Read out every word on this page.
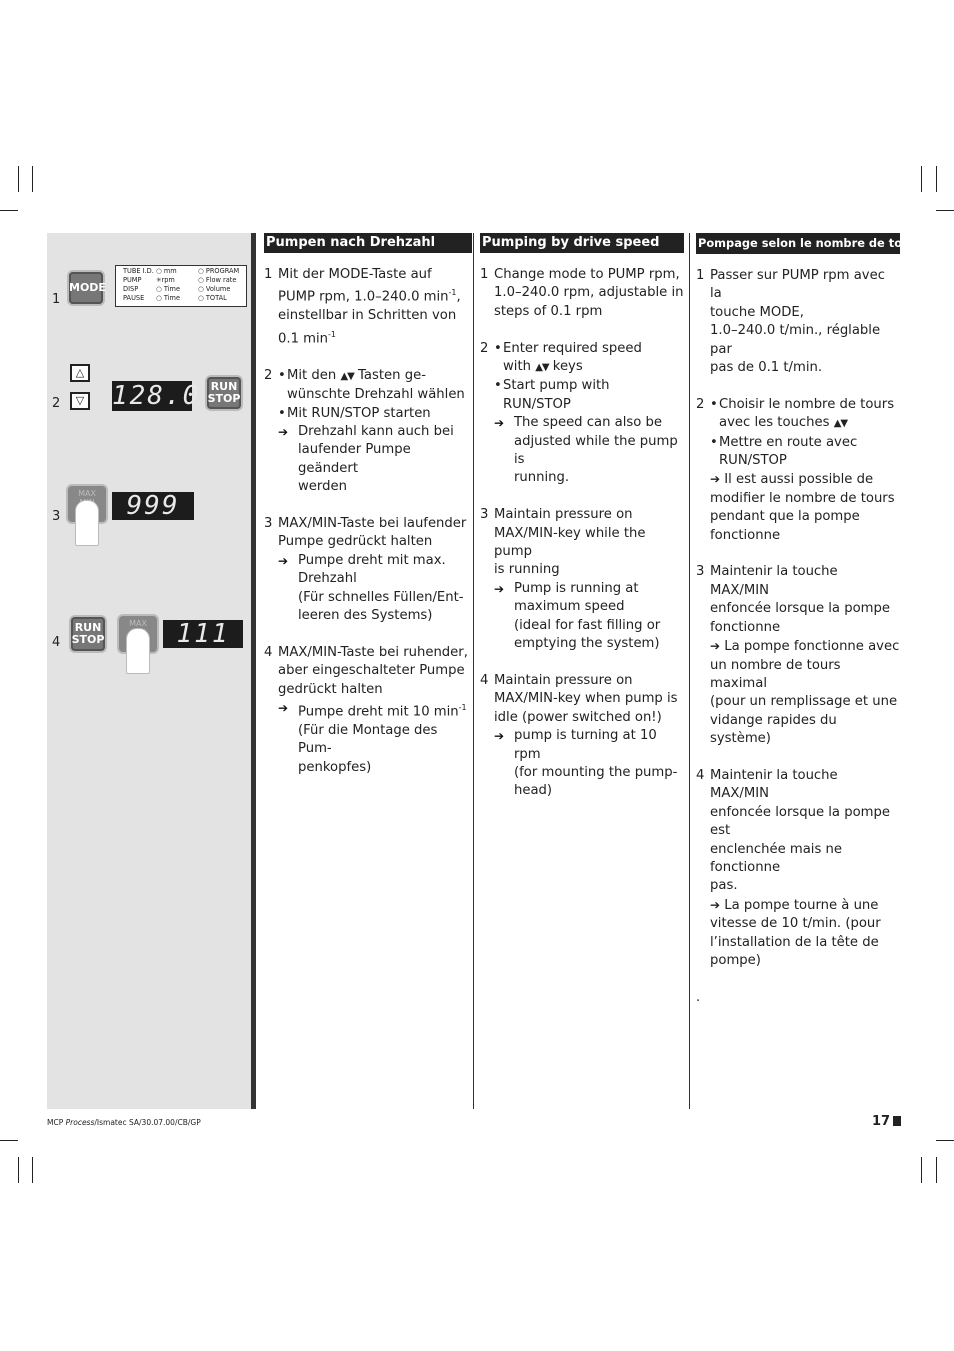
1
MODE
TUBE I.D.
PUMP
DISP
PAUSE
○ mm
✳rpm
○ Time
○ Time
○ PROGRAM
○ Flow rate
○ Volume
○ TOTAL
2
△
▽ 128.0 RUN
STOP
3
MAX	999
4
RUN
STOP
MAX	111
Pumpen nach Drehzahl
1 Mit der MODE-Taste auf
PUMP rpm, 1.0–240.0 $\min^{-1}$,
einstellbar in Schritten von
0.1 $\min^{-1}$
2 • Mit den ▲▼ Tasten ge-
wünschte Drehzahl wählen
• Mit RUN/STOP starten
➔ Drehzahl kann auch bei
laufender Pumpe geändert
werden
3 MAX/MIN-Taste bei laufender
Pumpe gedrückt halten
➔ Pumpe dreht mit max.
Drehzahl
(Für schnelles Füllen/Ent-
leeren des Systems)
4 MAX/MIN-Taste bei ruhender,
aber eingeschalteter Pumpe
gedrückt halten
➔ Pumpe dreht mit 10 $\min^{-1}$
(Für die Montage des Pum-
penkopfes)
Pumping by drive speed
1 Change mode to PUMP rpm,
1.0–240.0 rpm, adjustable in
steps of 0.1 rpm
2 • Enter required speed
with ▲▼ keys
• Start pump with
RUN/STOP
➔ The speed can also be
adjusted while the pump is
running.
3 Maintain pressure on
MAX/MIN-key while the pump
is running
➔ Pump is running at
maximum speed
(ideal for fast filling or
emptying the system)
4 Maintain pressure on
MAX/MIN-key when pump is
idle (power switched on!)
➔ pump is turning at 10 rpm
(for mounting the pump-
head)
Pompage selon le nombre de tours
1 Passer sur PUMP rpm avec la
touche MODE,
1.0–240.0 t/min., réglable par
pas de 0.1 t/min.
2 • Choisir le nombre de tours
avec les touches ▲▼
• Mettre en route avec
RUN/STOP
➔ Il est aussi possible de
modifier le nombre de tours
pendant que la pompe
fonctionne
3 Maintenir la touche MAX/MIN
enfoncée lorsque la pompe
fonctionne
➔ La pompe fonctionne avec
un nombre de tours maximal
(pour un remplissage et une
vidange rapides du système)
4 Maintenir la touche MAX/MIN
enfoncée lorsque la pompe est
enclenchée mais ne fonctionne
pas.
➔ La pompe tourne à une
vitesse de 10 t/min. (pour
l’installation de la tête de
pompe)
.
MCP Process/Ismatec SA/30.07.00/CB/GP	17
